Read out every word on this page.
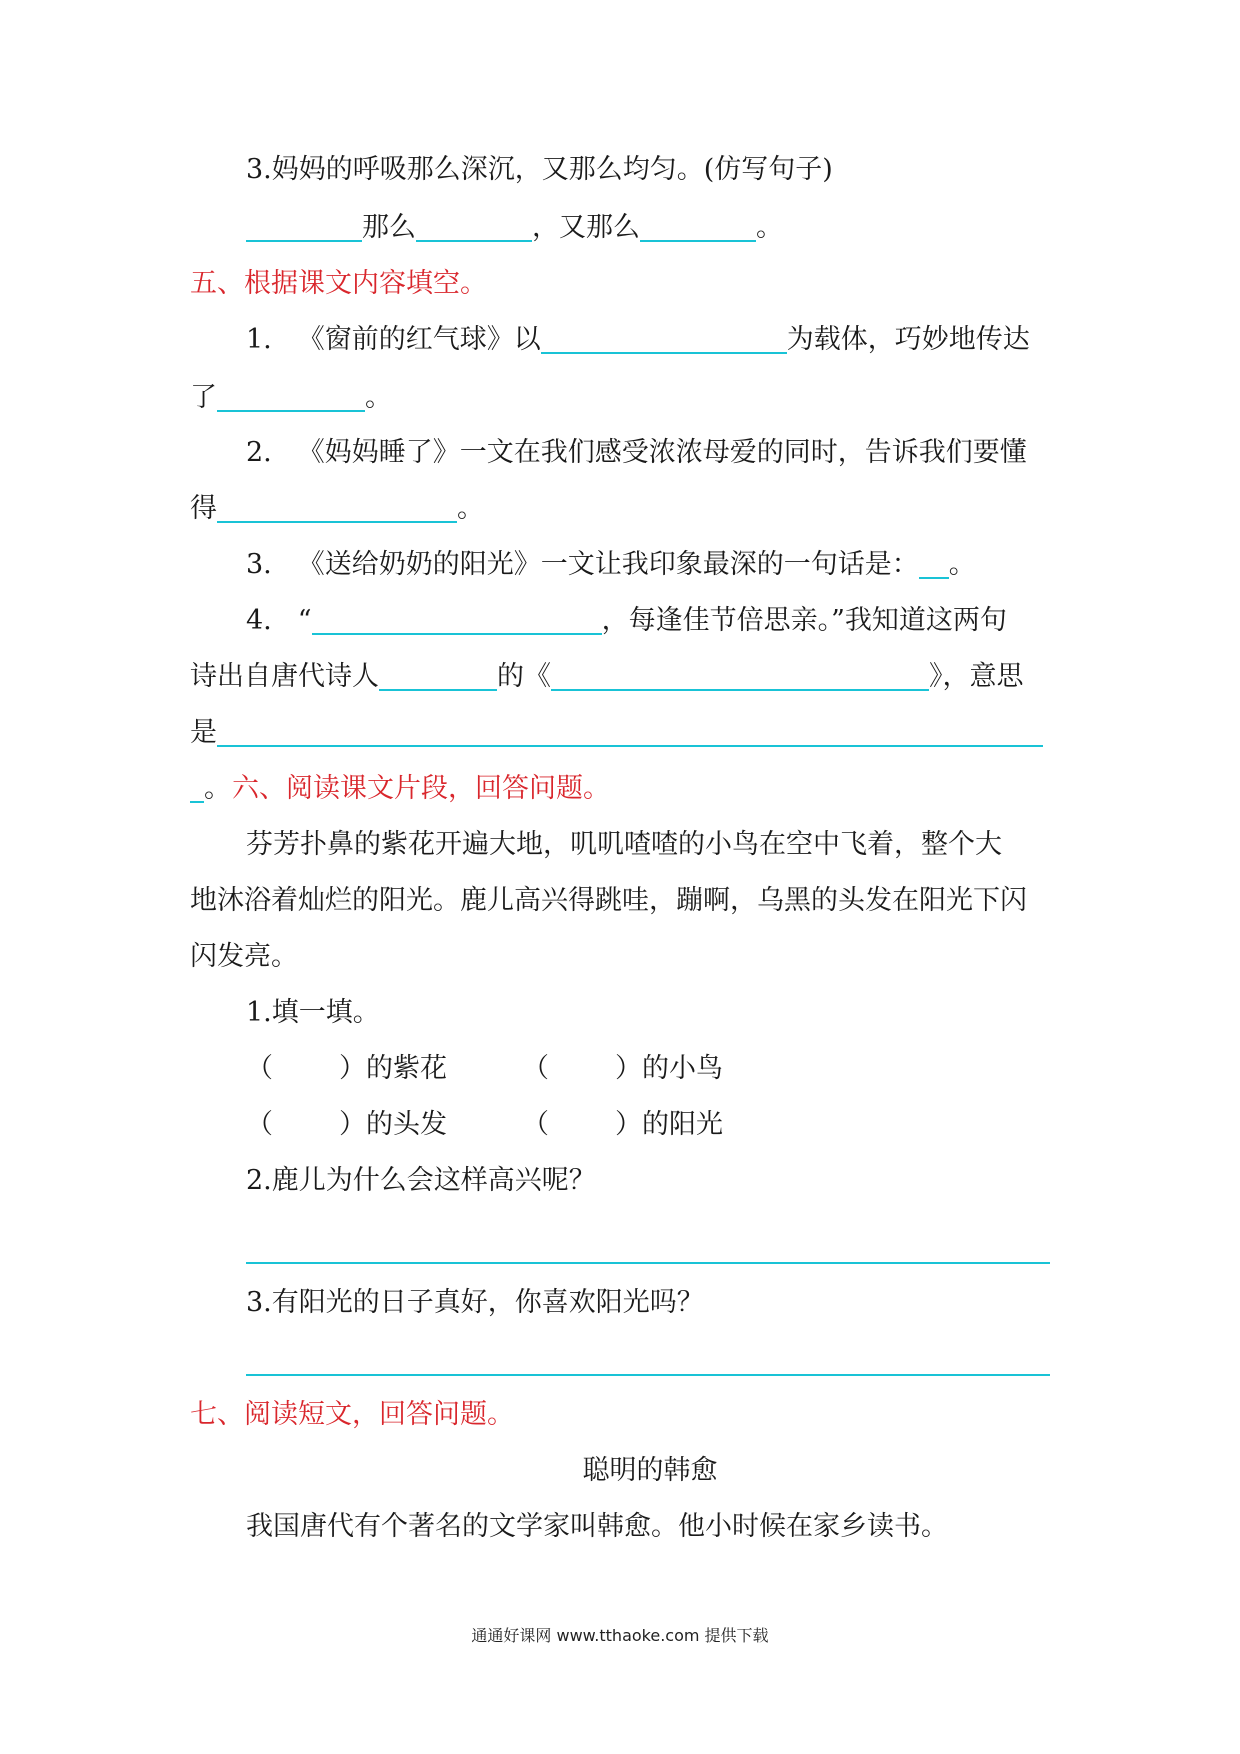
3.妈妈的呼吸那么深沉，又那么均匀。(仿写句子)
那么	，又那么	。
五、根据课文内容填空。
1. 《窗前的红气球》以	为载体，巧妙地传达
了	。
2. 《妈妈睡了》一文在我们感受浓浓母爱的同时，告诉我们要懂
得	。
3. 《送给奶奶的阳光》一文让我印象最深的一句话是： 。
4. “	，每逢佳节倍思亲。”我知道这两句
诗出自唐代诗人	的《	》，意思
是
。 六、阅读课文片段，回答问题。
芬芳扑鼻的紫花开遍大地，叽叽喳喳的小鸟在空中飞着，整个大
地沐浴着灿烂的阳光。鹿儿高兴得跳哇，蹦啊，乌黑的头发在阳光下闪
闪发亮。
1.填一填。
（ ）的紫花	（ ）的小鸟
（ ）的头发	（ ）的阳光
2.鹿儿为什么会这样高兴呢？
3.有阳光的日子真好，你喜欢阳光吗？
七、阅读短文，回答问题。
聪明的韩愈
我国唐代有个著名的文学家叫韩愈。他小时候在家乡读书。
通通好课网 www.tthaoke.com 提供下载
